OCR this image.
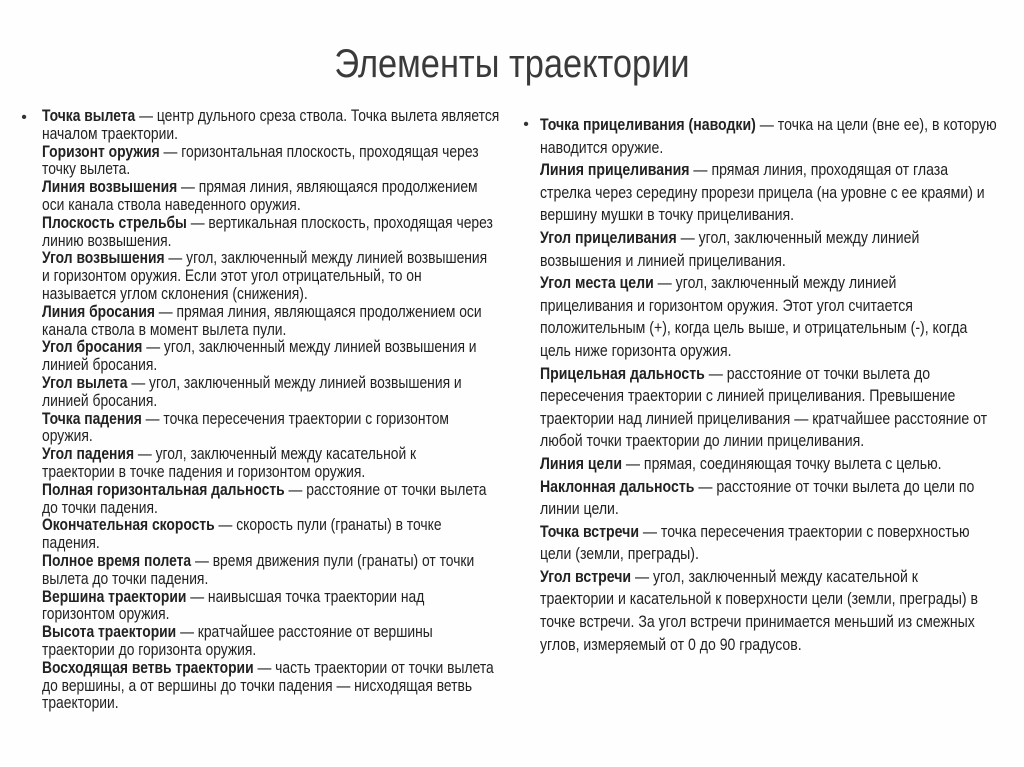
Элементы траектории
• Точка вылета — центр дульного среза ствола. Точка вылета является
началом траектории.
Горизонт оружия — горизонтальная плоскость, проходящая через
точку вылета.
Линия возвышения — прямая линия, являющаяся продолжением
оси канала ствола наведенного оружия.
Плоскость стрельбы — вертикальная плоскость, проходящая через
линию возвышения.
Угол возвышения — угол, заключенный между линией возвышения
и горизонтом оружия. Если этот угол отрицательный, то он
называется углом склонения (снижения).
Линия бросания — прямая линия, являющаяся продолжением оси
канала ствола в момент вылета пули.
Угол бросания — угол, заключенный между линией возвышения и
линией бросания.
Угол вылета — угол, заключенный между линией возвышения и
линией бросания.
Точка падения — точка пересечения траектории с горизонтом
оружия.
Угол падения — угол, заключенный между касательной к
траектории в точке падения и горизонтом оружия.
Полная горизонтальная дальность — расстояние от точки вылета
до точки падения.
Окончательная скорость — скорость пули (гранаты) в точке
падения.
Полное время полета — время движения пули (гранаты) от точки
вылета до точки падения.
Вершина траектории — наивысшая точка траектории над
горизонтом оружия.
Высота траектории — кратчайшее расстояние от вершины
траектории до горизонта оружия.
Восходящая ветвь траектории — часть траектории от точки вылета
до вершины, а от вершины до точки падения — нисходящая ветвь
траектории.
• Точка прицеливания (наводки) — точка на цели (вне ее), в которую
наводится оружие.
Линия прицеливания — прямая линия, проходящая от глаза
стрелка через середину прорези прицела (на уровне с ее краями) и
вершину мушки в точку прицеливания.
Угол прицеливания — угол, заключенный между линией
возвышения и линией прицеливания.
Угол места цели — угол, заключенный между линией
прицеливания и горизонтом оружия. Этот угол считается
положительным (+), когда цель выше, и отрицательным (-), когда
цель ниже горизонта оружия.
Прицельная дальность — расстояние от точки вылета до
пересечения траектории с линией прицеливания. Превышение
траектории над линией прицеливания — кратчайшее расстояние от
любой точки траектории до линии прицеливания.
Линия цели — прямая, соединяющая точку вылета с целью.
Наклонная дальность — расстояние от точки вылета до цели по
линии цели.
Точка встречи — точка пересечения траектории с поверхностью
цели (земли, преграды).
Угол встречи — угол, заключенный между касательной к
траектории и касательной к поверхности цели (земли, преграды) в
точке встречи. За угол встречи принимается меньший из смежных
углов, измеряемый от 0 до 90 градусов.
